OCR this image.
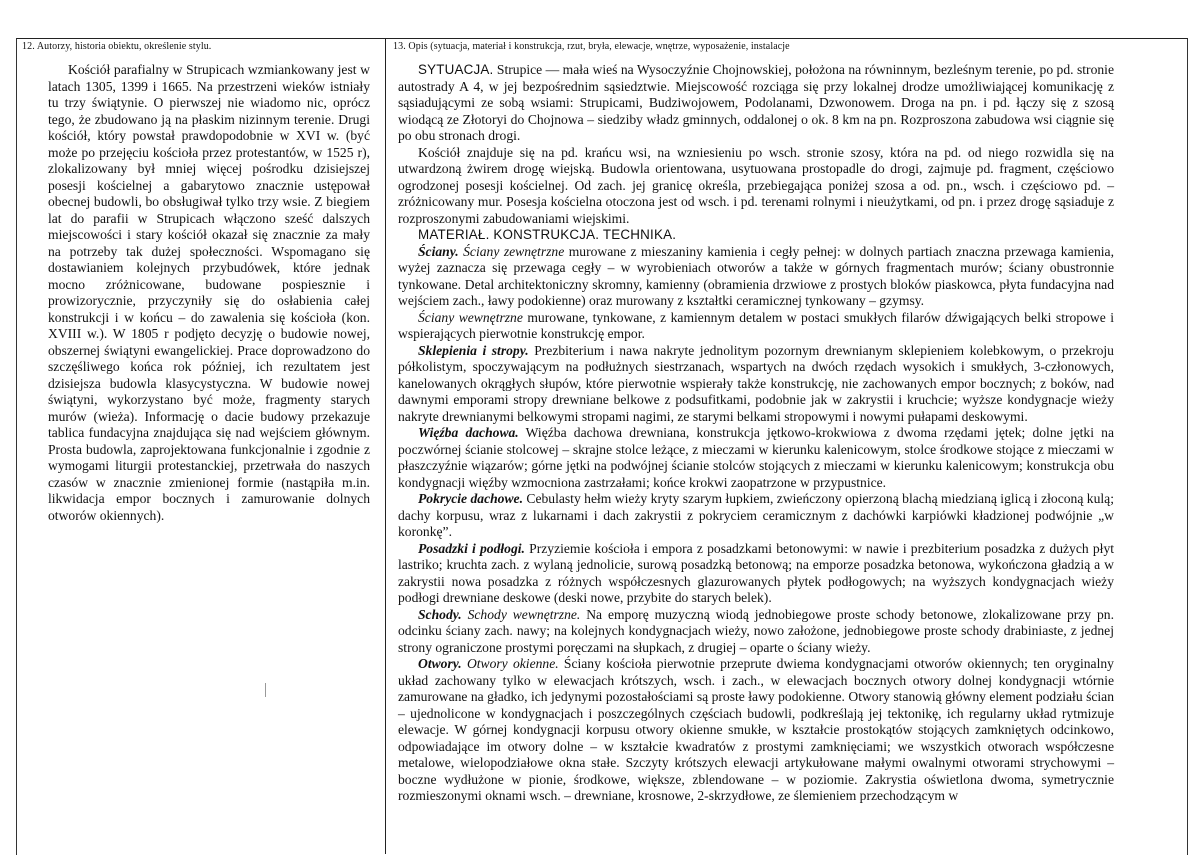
12. Autorzy, historia obiektu, określenie stylu.	13. Opis (sytuacja, materiał i konstrukcja, rzut, bryła, elewacje, wnętrze, wyposażenie, instalacje

Kościół parafialny w Strupicach wzmiankowany jest w latach 1305, 1399 i 1665. Na przestrzeni wieków istniały tu trzy świątynie. O pierwszej nie wiadomo nic, oprócz tego, że zbudowano ją na płaskim nizinnym terenie. Drugi kościół, który powstał prawdopodobnie w XVI w. (być może po przejęciu kościoła przez protestantów, w 1525 r), zlokalizowany był mniej więcej pośrodku dzisiejszej posesji kościelnej a gabarytowo znacznie ustępował obecnej budowli, bo obsługiwał tylko trzy wsie. Z biegiem lat do parafii w Strupicach włączono sześć dalszych miejscowości i stary kościół okazał się znacznie za mały na potrzeby tak dużej społeczności. Wspomagano się dostawianiem kolejnych przybudówek, które jednak mocno zróżnicowane, budowane pospiesznie i prowizorycznie, przyczyniły się do osłabienia całej konstrukcji i w końcu – do zawalenia się kościoła (kon. XVIII w.). W 1805 r podjęto decyzję o budowie nowej, obszernej świątyni ewangelickiej. Prace doprowadzono do szczęśliwego końca rok później, ich rezultatem jest dzisiejsza budowla klasycystyczna. W budowie nowej świątyni, wykorzystano być może, fragmenty starych murów (wieża). Informację o dacie budowy przekazuje tablica fundacyjna znajdująca się nad wejściem głównym. Prosta budowla, zaprojektowana funkcjonalnie i zgodnie z wymogami liturgii protestanckiej, przetrwała do naszych czasów w znacznie zmienionej formie (nastąpiła m.in. likwidacja empor bocznych i zamurowanie dolnych otworów okiennych).

SYTUACJA. Strupice — mała wieś na Wysoczyźnie Chojnowskiej, położona na równinnym, bezleśnym terenie, po pd. stronie autostrady A 4, w jej bezpośrednim sąsiedztwie. Miejscowość rozciąga się przy lokalnej drodze umożliwiającej komunikację z sąsiadującymi ze sobą wsiami: Strupicami, Budziwojowem, Podolanami, Dzwonowem. Droga na pn. i pd. łączy się z szosą wiodącą ze Złotoryi do Chojnowa – siedziby władz gminnych, oddalonej o ok. 8 km na pn. Rozproszona zabudowa wsi ciągnie się po obu stronach drogi.

Kościół znajduje się na pd. krańcu wsi, na wzniesieniu po wsch. stronie szosy, która na pd. od niego rozwidla się na utwardzoną żwirem drogę wiejską. Budowla orientowana, usytuowana prostopadle do drogi, zajmuje pd. fragment, częściowo ogrodzonej posesji kościelnej. Od zach. jej granicę określa, przebiegająca poniżej szosa a od. pn., wsch. i częściowo pd. – zróżnicowany mur. Posesja kościelna otoczona jest od wsch. i pd. terenami rolnymi i nieużytkami, od pn. i przez drogę sąsiaduje z rozproszonymi zabudowaniami wiejskimi.

MATERIAŁ. KONSTRUKCJA. TECHNIKA.

Ściany. Ściany zewnętrzne murowane z mieszaniny kamienia i cegły pełnej: w dolnych partiach znaczna przewaga kamienia, wyżej zaznacza się przewaga cegły – w wyrobieniach otworów a także w górnych fragmentach murów; ściany obustronnie tynkowane. Detal architektoniczny skromny, kamienny (obramienia drzwiowe z prostych bloków piaskowca, płyta fundacyjna nad wejściem zach., ławy podokienne) oraz murowany z kształtki ceramicznej tynkowany – gzymsy.

Ściany wewnętrzne murowane, tynkowane, z kamiennym detalem w postaci smukłych filarów dźwigających belki stropowe i wspierających pierwotnie konstrukcję empor.

Sklepienia i stropy. Prezbiterium i nawa nakryte jednolitym pozornym drewnianym sklepieniem kolebkowym, o przekroju półkolistym, spoczywającym na podłużnych siestrzanach, wspartych na dwóch rzędach wysokich i smukłych, 3-członowych, kanelowanych okrągłych słupów, które pierwotnie wspierały także konstrukcję, nie zachowanych empor bocznych; z boków, nad dawnymi emporami stropy drewniane belkowe z podsufitkami, podobnie jak w zakrystii i kruchcie; wyższe kondygnacje wieży nakryte drewnianymi belkowymi stropami nagimi, ze starymi belkami stropowymi i nowymi pułapami deskowymi.

Więźba dachowa. Więźba dachowa drewniana, konstrukcja jętkowo-krokwiowa z dwoma rzędami jętek; dolne jętki na poczwórnej ścianie stolcowej – skrajne stolce leżące, z mieczami w kierunku kalenicowym, stolce środkowe stojące z mieczami w płaszczyźnie wiązarów; górne jętki na podwójnej ścianie stolców stojących z mieczami w kierunku kalenicowym; konstrukcja obu kondygnacji więźby wzmocniona zastrzałami; końce krokwi zaopatrzone w przypustnice.

Pokrycie dachowe. Cebulasty hełm wieży kryty szarym łupkiem, zwieńczony opierzoną blachą miedzianą iglicą i złoconą kulą; dachy korpusu, wraz z lukarnami i dach zakrystii z pokryciem ceramicznym z dachówki karpiówki kładzionej podwójnie „w koronkę”.

Posadzki i podłogi. Przyziemie kościoła i empora z posadzkami betonowymi: w nawie i prezbiterium posadzka z dużych płyt lastriko; kruchta zach. z wylaną jednolicie, surową posadzką betonową; na emporze posadzka betonowa, wykończona gładzią a w zakrystii nowa posadzka z różnych współczesnych glazurowanych płytek podłogowych; na wyższych kondygnacjach wieży podłogi drewniane deskowe (deski nowe, przybite do starych belek).

Schody. Schody wewnętrzne. Na emporę muzyczną wiodą jednobiegowe proste schody betonowe, zlokalizowane przy pn. odcinku ściany zach. nawy; na kolejnych kondygnacjach wieży, nowo założone, jednobiegowe proste schody drabiniaste, z jednej strony ograniczone prostymi poręczami na słupkach, z drugiej – oparte o ściany wieży.

Otwory. Otwory okienne. Ściany kościoła pierwotnie przeprute dwiema kondygnacjami otworów okiennych; ten oryginalny układ zachowany tylko w elewacjach krótszych, wsch. i zach., w elewacjach bocznych otwory dolnej kondygnacji wtórnie zamurowane na gładko, ich jedynymi pozostałościami są proste ławy podokienne. Otwory stanowią główny element podziału ścian – ujednolicone w kondygnacjach i poszczególnych częściach budowli, podkreślają jej tektonikę, ich regularny układ rytmizuje elewacje. W górnej kondygnacji korpusu otwory okienne smukłe, w kształcie prostokątów stojących zamkniętych odcinkowo, odpowiadające im otwory dolne – w kształcie kwadratów z prostymi zamknięciami; we wszystkich otworach współczesne metalowe, wielopodziałowe okna stałe. Szczyty krótszych elewacji artykułowane małymi owalnymi otworami strychowymi – boczne wydłużone w pionie, środkowe, większe, zblendowane – w poziomie. Zakrystia oświetlona dwoma, symetrycznie rozmieszonymi oknami wsch. – drewniane, krosnowe, 2-skrzydłowe, ze ślemieniem przechodzącym w
